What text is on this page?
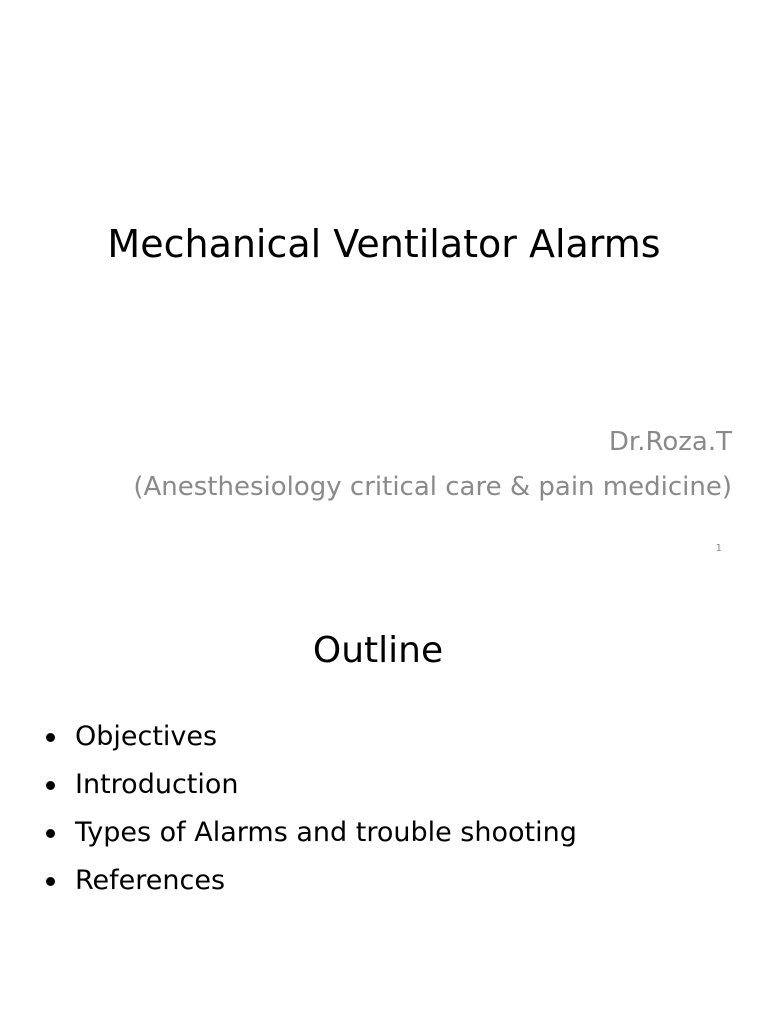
Mechanical Ventilator Alarms
Dr.Roza.T
(Anesthesiology critical care & pain medicine)
1
Outline
Objectives
Introduction
Types of Alarms and trouble shooting
References
